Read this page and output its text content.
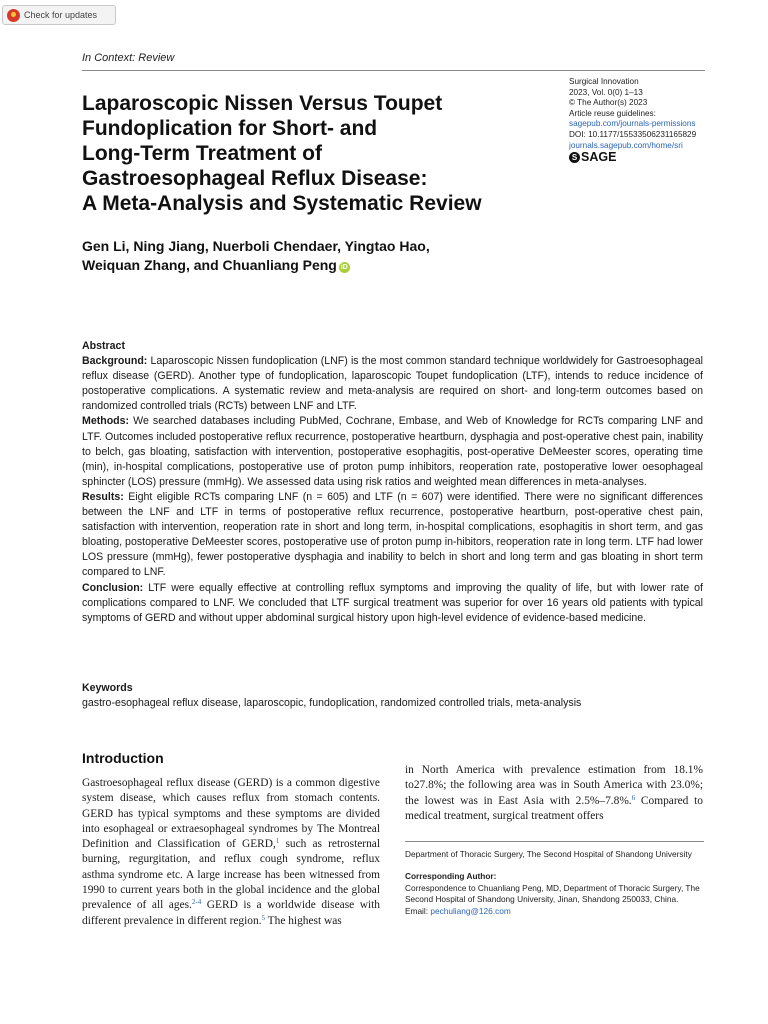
Check for updates
In Context: Review
Laparoscopic Nissen Versus Toupet
Fundoplication for Short- and
Long-Term Treatment of
Gastroesophageal Reflux Disease:
A Meta-Analysis and Systematic Review
Surgical Innovation
2023, Vol. 0(0) 1–13
© The Author(s) 2023
Article reuse guidelines:
sagepub.com/journals-permissions
DOI: 10.1177/15533506231165829
journals.sagepub.com/home/sri
S SAGE
Gen Li, Ning Jiang, Nuerboli Chendaer, Yingtao Hao,
Weiquan Zhang, and Chuanliang Peng iD
Abstract

Background: Laparoscopic Nissen fundoplication (LNF) is the most common standard technique worldwidely for Gastroesophageal reflux disease (GERD). Another type of fundoplication, laparoscopic Toupet fundoplication (LTF), intends to reduce incidence of postoperative complications. A systematic review and meta-analysis are required on short- and long-term outcomes based on randomized controlled trials (RCTs) between LNF and LTF.

Methods: We searched databases including PubMed, Cochrane, Embase, and Web of Knowledge for RCTs comparing LNF and LTF. Outcomes included postoperative reflux recurrence, postoperative heartburn, dysphagia and post-operative chest pain, inability to belch, gas bloating, satisfaction with intervention, postoperative esophagitis, post-operative DeMeester scores, operating time (min), in-hospital complications, postoperative use of proton pump inhibitors, reoperation rate, postoperative lower oesophageal sphincter (LOS) pressure (mmHg). We assessed data using risk ratios and weighted mean differences in meta-analyses.

Results: Eight eligible RCTs comparing LNF (n = 605) and LTF (n = 607) were identified. There were no significant differences between the LNF and LTF in terms of postoperative reflux recurrence, postoperative heartburn, post-operative chest pain, satisfaction with intervention, reoperation rate in short and long term, in-hospital complications, esophagitis in short term, and gas bloating, postoperative DeMeester scores, postoperative use of proton pump in-hibitors, reoperation rate in long term. LTF had lower LOS pressure (mmHg), fewer postoperative dysphagia and inability to belch in short and long term and gas bloating in short term compared to LNF.

Conclusion: LTF were equally effective at controlling reflux symptoms and improving the quality of life, but with lower rate of complications compared to LNF. We concluded that LTF surgical treatment was superior for over 16 years old patients with typical symptoms of GERD and without upper abdominal surgical history upon high-level evidence of evidence-based medicine.

Keywords
gastro-esophageal reflux disease, laparoscopic, fundoplication, randomized controlled trials, meta-analysis
Introduction
Gastroesophageal reflux disease (GERD) is a common digestive system disease, which causes reflux from stomach contents. GERD has typical symptoms and these symptoms are divided into esophageal or extraesophageal syndromes by The Montreal Definition and Classification of GERD,$^1$ such as retrosternal burning, regurgitation, and reflux cough syndrome, reflux asthma syndrome etc. A large increase has been witnessed from 1990 to current years both in the global incidence and the global prevalence of all ages.$^{2-4}$ GERD is a worldwide disease with different prevalence in different region.$^5$ The highest was
in North America with prevalence estimation from 18.1% to27.8%; the following area was in South America with 23.0%; the lowest was in East Asia with 2.5%–7.8%.$^6$ Compared to medical treatment, surgical treatment offers
Department of Thoracic Surgery, The Second Hospital of Shandong University
Corresponding Author:
Correspondence to Chuanliang Peng, MD, Department of Thoracic Surgery, The Second Hospital of Shandong University, Jinan, Shandong 250033, China.
Email: pechuliang@126.com
